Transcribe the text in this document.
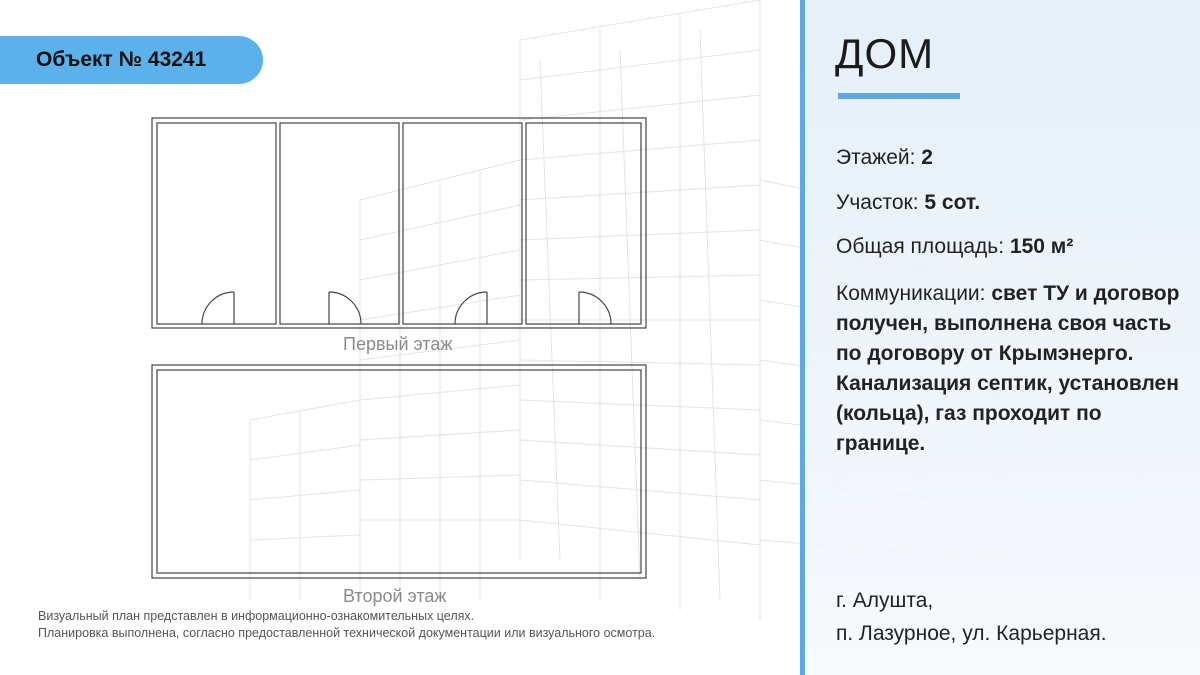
Объект № 43241
Первый этаж
Второй этаж
Визуальный план представлен в информационно-ознакомительных целях.
Планировка выполнена, согласно предоставленной технической документации или визуального осмотра.
ДОМ
Этажей: 2
Участок: 5 сот.
Общая площадь: 150 м²
Коммуникации: свет ТУ и договор получен, выполнена своя часть по договору от Крымэнерго. Канализация септик, установлен (кольца), газ проходит по границе.
г. Алушта,
п. Лазурное, ул. Карьерная.
